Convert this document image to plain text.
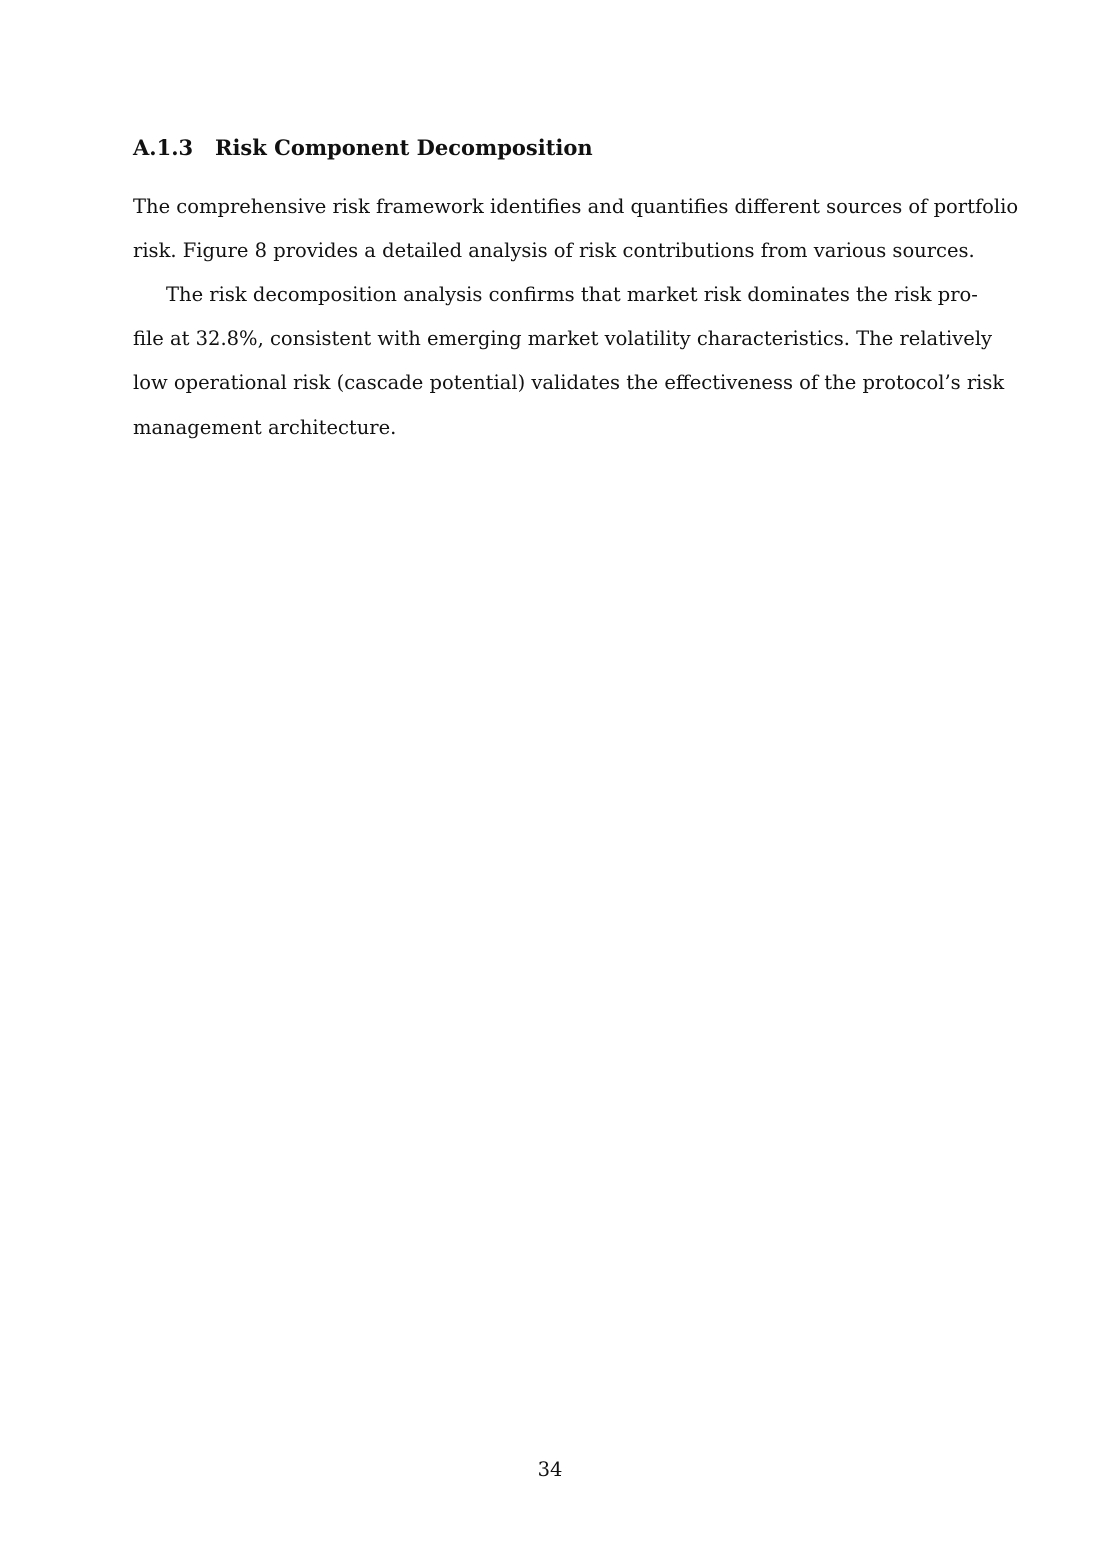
A.1.3 Risk Component Decomposition
The comprehensive risk framework identifies and quantifies different sources of portfolio
risk. Figure 8 provides a detailed analysis of risk contributions from various sources.
The risk decomposition analysis confirms that market risk dominates the risk pro-
file at 32.8%, consistent with emerging market volatility characteristics. The relatively
low operational risk (cascade potential) validates the effectiveness of the protocol’s risk
management architecture.
34
